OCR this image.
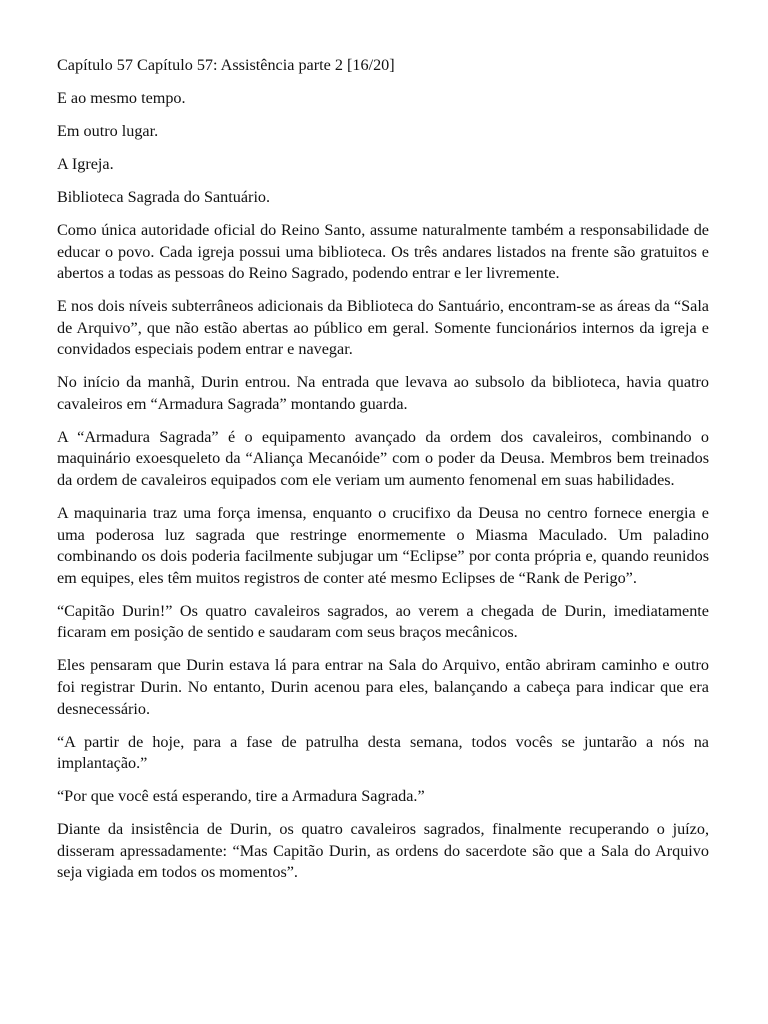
Capítulo 57 Capítulo 57: Assistência parte 2 [16/20]

E ao mesmo tempo.

Em outro lugar.

A Igreja.

Biblioteca Sagrada do Santuário.

Como única autoridade oficial do Reino Santo, assume naturalmente também a responsabilidade de educar o povo. Cada igreja possui uma biblioteca. Os três andares listados na frente são gratuitos e abertos a todas as pessoas do Reino Sagrado, podendo entrar e ler livremente.

E nos dois níveis subterrâneos adicionais da Biblioteca do Santuário, encontram-se as áreas da “Sala de Arquivo”, que não estão abertas ao público em geral. Somente funcionários internos da igreja e convidados especiais podem entrar e navegar.

No início da manhã, Durin entrou. Na entrada que levava ao subsolo da biblioteca, havia quatro cavaleiros em “Armadura Sagrada” montando guarda.

A “Armadura Sagrada” é o equipamento avançado da ordem dos cavaleiros, combinando o maquinário exoesqueleto da “Aliança Mecanóide” com o poder da Deusa. Membros bem treinados da ordem de cavaleiros equipados com ele veriam um aumento fenomenal em suas habilidades.

A maquinaria traz uma força imensa, enquanto o crucifixo da Deusa no centro fornece energia e uma poderosa luz sagrada que restringe enormemente o Miasma Maculado. Um paladino combinando os dois poderia facilmente subjugar um “Eclipse” por conta própria e, quando reunidos em equipes, eles têm muitos registros de conter até mesmo Eclipses de “Rank de Perigo”.

“Capitão Durin!” Os quatro cavaleiros sagrados, ao verem a chegada de Durin, imediatamente ficaram em posição de sentido e saudaram com seus braços mecânicos.

Eles pensaram que Durin estava lá para entrar na Sala do Arquivo, então abriram caminho e outro foi registrar Durin. No entanto, Durin acenou para eles, balançando a cabeça para indicar que era desnecessário.

“A partir de hoje, para a fase de patrulha desta semana, todos vocês se juntarão a nós na implantação.”

“Por que você está esperando, tire a Armadura Sagrada.”

Diante da insistência de Durin, os quatro cavaleiros sagrados, finalmente recuperando o juízo, disseram apressadamente: “Mas Capitão Durin, as ordens do sacerdote são que a Sala do Arquivo seja vigiada em todos os momentos”.
